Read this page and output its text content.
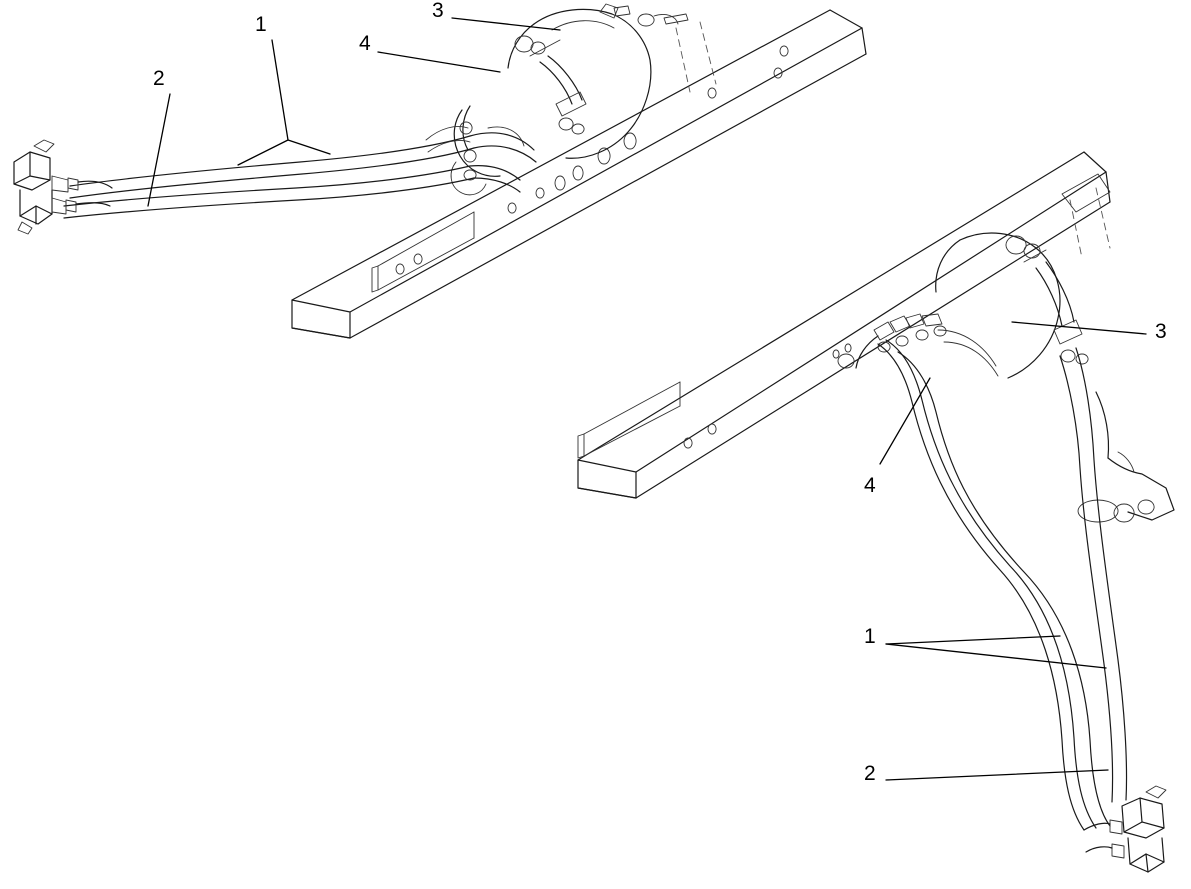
1
2
3
4
3
4
1
2
